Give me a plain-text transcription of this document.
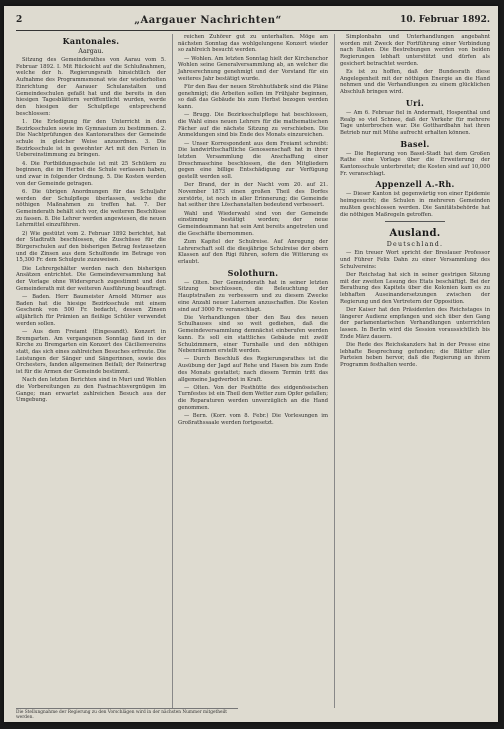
2	„Aargauer Nachrichten“	10. Februar 1892.
Kantonales.
Aargau.
Sitzung des Gemeinderathes von Aarau vom 5. Februar 1892. I. Mit Rücksicht auf die Schlußnahmen, welche der h. Regierungsrath hinsichtlich der Aufnahme des Programmsmonat wie der wiederholten Einrichtung der Aarauer Schulanstalten und Gemeindeschulen gefaßt hat und die bereits in den hiesigen Tagesblättern veröffentlicht wurden, werde den hiesigen der Schulpflege entsprechend beschlossen:
1. Die Erledigung für den Unterricht in den Bezirksschulen sowie im Gymnasium zu bestimmen. 2. Die Nachtprüfungen des Kantonsrathes der Gemeinde schule in gleicher Weise anzuordnen. 3. Die Bezirksschule ist in gewohnter Art mit den Ferien in Uebereinstimmung zu bringen.
4. Die Fortbildungsschule ist mit 25 Schülern zu beginnen, die im Herbst die Schule verlassen haben, und zwar in folgender Ordnung. 5. Die Kosten werden von der Gemeinde getragen.
6. Die übrigen Anordnungen für das Schuljahr werden der Schulpflege überlassen, welche die nöthigen Maßnahmen zu treffen hat. 7. Der Gemeinderath behält sich vor, die weiteren Beschlüsse zu fassen. 8. Die Lehrer werden angewiesen, die neuen Lehrmittel einzuführen.
2) Wie gestützt vom 2. Februar 1892 berichtet, hat der Stadtrath beschlossen, die Zuschüsse für die Bürgerschulen auf den bisherigen Betrag festzusetzen und die Zinsen aus dem Schulfonde im Betrage von 15,300 Fr. dem Schulgute zuzuweisen.
Die Lehrergehälter werden nach den bisherigen Ansätzen entrichtet. Die Gemeindeversammlung hat der Vorlage ohne Widerspruch zugestimmt und den Gemeinderath mit der weiteren Ausführung beauftragt.
— Baden. Herr Baumeister Arnold Mürner aus Baden hat die hiesige Bezirksschule mit einem Geschenk von 500 Fr. bedacht, dessen Zinsen alljährlich für Prämien an fleißige Schüler verwendet werden sollen.
— Aus dem Freiamt (Eingesandt). Konzert in Bremgarten. Am vergangenen Sonntag fand in der Kirche zu Bremgarten ein Konzert des Cäcilienvereins statt, das sich eines zahlreichen Besuches erfreute. Die Leistungen der Sänger und Sängerinnen, sowie des Orchesters, fanden allgemeinen Beifall; der Reinertrag ist für die Armen der Gemeinde bestimmt.
Nach den letzten Berichten sind in Muri und Wohlen die Vorbereitungen zu den Fastnachtsvergnügen im Gange; man erwartet zahlreichen Besuch aus der Umgebung.
reichen Zuhörer gut zu unterhalten. Möge am nächsten Sonntag das wohlgelungene Konzert wieder so zahlreich besucht werden.
— Wohlen. Am letzten Sonntag hielt der Kirchenchor Wohlen seine Generalversammlung ab, an welcher die Jahresrechnung genehmigt und der Vorstand für ein weiteres Jahr bestätigt wurde.
Für den Bau der neuen Strohhutfabrik sind die Pläne genehmigt; die Arbeiten sollen im Frühjahr beginnen, so daß das Gebäude bis zum Herbst bezogen werden kann.
— Brugg. Die Bezirksschulpflege hat beschlossen, die Wahl eines neuen Lehrers für die mathematischen Fächer auf die nächste Sitzung zu verschieben. Die Anmeldungen sind bis Ende des Monats einzureichen.
— Unser Korrespondent aus dem Freiamt schreibt: Die landwirthschaftliche Genossenschaft hat in ihrer letzten Versammlung die Anschaffung einer Dreschmaschine beschlossen, die den Mitgliedern gegen eine billige Entschädigung zur Verfügung gestellt werden soll.
Der Brand, der in der Nacht vom 20. auf 21. November 1873 einen großen Theil des Dorfes zerstörte, ist noch in aller Erinnerung; die Gemeinde hat seither ihre Löschanstalten bedeutend verbessert.
Wahl und Wiederwahl sind von der Gemeinde einstimmig bestätigt worden; der neue Gemeindeammann hat sein Amt bereits angetreten und die Geschäfte übernommen.
Zum Kapitel der Schulreise. Auf Anregung der Lehrerschaft soll die diesjährige Schulreise der obern Klassen auf den Rigi führen, sofern die Witterung es erlaubt.
Solothurn.
— Olten. Der Gemeinderath hat in seiner letzten Sitzung beschlossen, die Beleuchtung der Hauptstraßen zu verbessern und zu diesem Zwecke eine Anzahl neuer Laternen anzuschaffen. Die Kosten sind auf 3000 Fr. veranschlagt.
Die Verhandlungen über den Bau des neuen Schulhauses sind so weit gediehen, daß die Gemeindeversammlung demnächst einberufen werden kann. Es soll ein stattliches Gebäude mit zwölf Schulzimmern, einer Turnhalle und den nöthigen Nebenräumen erstellt werden.
— Durch Beschluß des Regierungsrathes ist die Ausübung der Jagd auf Rehe und Hasen bis zum Ende des Monats gestattet; nach diesem Termin tritt das allgemeine Jagdverbot in Kraft.
— Olten. Von der Festhütte des eidgenössischen Turnfestes ist ein Theil dem Wetter zum Opfer gefallen; die Reparaturen werden unverzüglich an die Hand genommen.
— Bern. (Korr. vom 8. Febr.) Die Vorlesungen im Großrathssaale werden fortgesetzt.
Simplonbahn und Unterhandlungen angebahnt worden mit Zweck der Fortführung einer Verbindung nach Italien. Die Bestrebungen werden von beiden Regierungen lebhaft unterstützt und dürfen als gesichert betrachtet werden.
Es ist zu hoffen, daß der Bundesrath diese Angelegenheit mit der nöthigen Energie an die Hand nehmen und die Verhandlungen zu einem glücklichen Abschluß bringen wird.
Uri.
— Am 6. Februar fiel in Andermatt, Hospenthal und Realp so viel Schnee, daß der Verkehr für mehrere Tage unterbrochen war. Die Gotthardbahn hat ihren Betrieb nur mit Mühe aufrecht erhalten können.
Basel.
— Die Regierung von Basel-Stadt hat dem Großen Rathe eine Vorlage über die Erweiterung der Kantonsschule unterbreitet; die Kosten sind auf 10,000 Fr. veranschlagt.
Appenzell A.-Rh.
— Dieser Kanton ist gegenwärtig von einer Epidemie heimgesucht; die Schulen in mehreren Gemeinden mußten geschlossen werden. Die Sanitätsbehörde hat die nöthigen Maßregeln getroffen.
Ausland.
Deutschland.
— Ein treuer Wort spricht der Breslauer Professor und Führer Felix Dahn zu einer Versammlung des Schulvereins:
Der Reichstag hat sich in seiner gestrigen Sitzung mit der zweiten Lesung des Etats beschäftigt. Bei der Berathung des Kapitels über die Kolonien kam es zu lebhaften Auseinandersetzungen zwischen der Regierung und den Vertretern der Opposition.
Der Kaiser hat den Präsidenten des Reichstages in längerer Audienz empfangen und sich über den Gang der parlamentarischen Verhandlungen unterrichten lassen. In Berlin wird die Session voraussichtlich bis Ende März dauern.
Die Rede des Reichskanzlers hat in der Presse eine lebhafte Besprechung gefunden; die Blätter aller Parteien heben hervor, daß die Regierung an ihrem Programm festhalten werde.
Die Stellungnahme der Regierung zu den Vorschlägen wird in der nächsten Nummer mitgetheilt werden.
